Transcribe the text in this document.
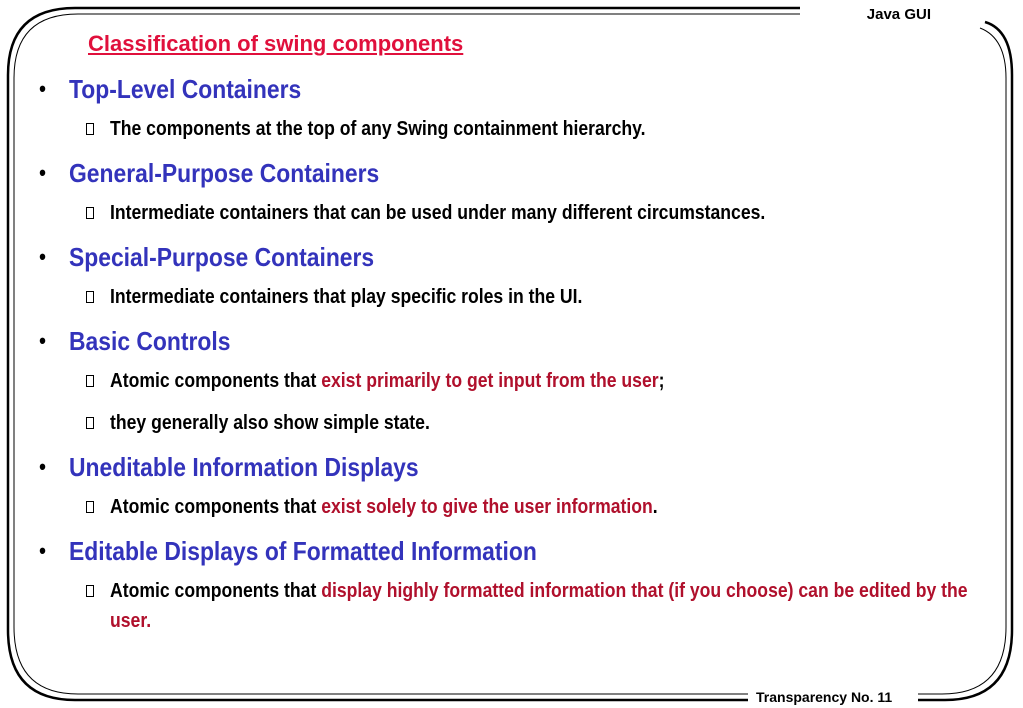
Java GUI
Classification of swing components
• Top-Level Containers
The components at the top of any Swing containment hierarchy.
• General-Purpose Containers
Intermediate containers that can be used under many different circumstances.
• Special-Purpose Containers
Intermediate containers that play specific roles in the UI.
• Basic Controls
Atomic components that exist primarily to get input from the user;
they generally also show simple state.
• Uneditable Information Displays
Atomic components that exist solely to give the user information.
• Editable Displays of Formatted Information
Atomic components that display highly formatted information that (if you choose) can be edited by the user.
Transparency No. 11
